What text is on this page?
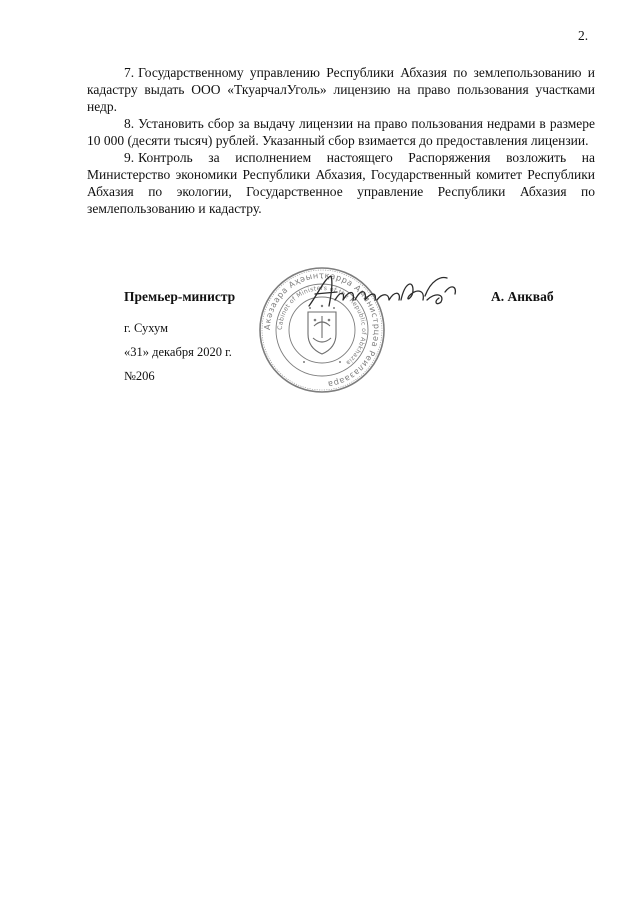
2.

7. Государственному управлению Республики Абхазия по землепользованию и кадастру выдать ООО «ТкуарчалУголь» лицензию на право пользования участками недр.

8. Установить сбор за выдачу лицензии на право пользования недрами в размере 10 000 (десяти тысяч) рублей. Указанный сбор взимается до предоставления лицензии.

9. Контроль за исполнением настоящего Распоряжения возложить на Министерство экономики Республики Абхазия, Государственный комитет Республики Абхазия по экологии, Государственное управление Республики Абхазия по землепользованию и кадастру.

Акәзаара Аҳәынҭқарра Аминистрцәа Реилазаара
Cabinet of Ministers of the Republic of Abkhazia
Премьер-министр	А. Анкваб
г. Сухум
«31» декабря 2020 г.
№206
